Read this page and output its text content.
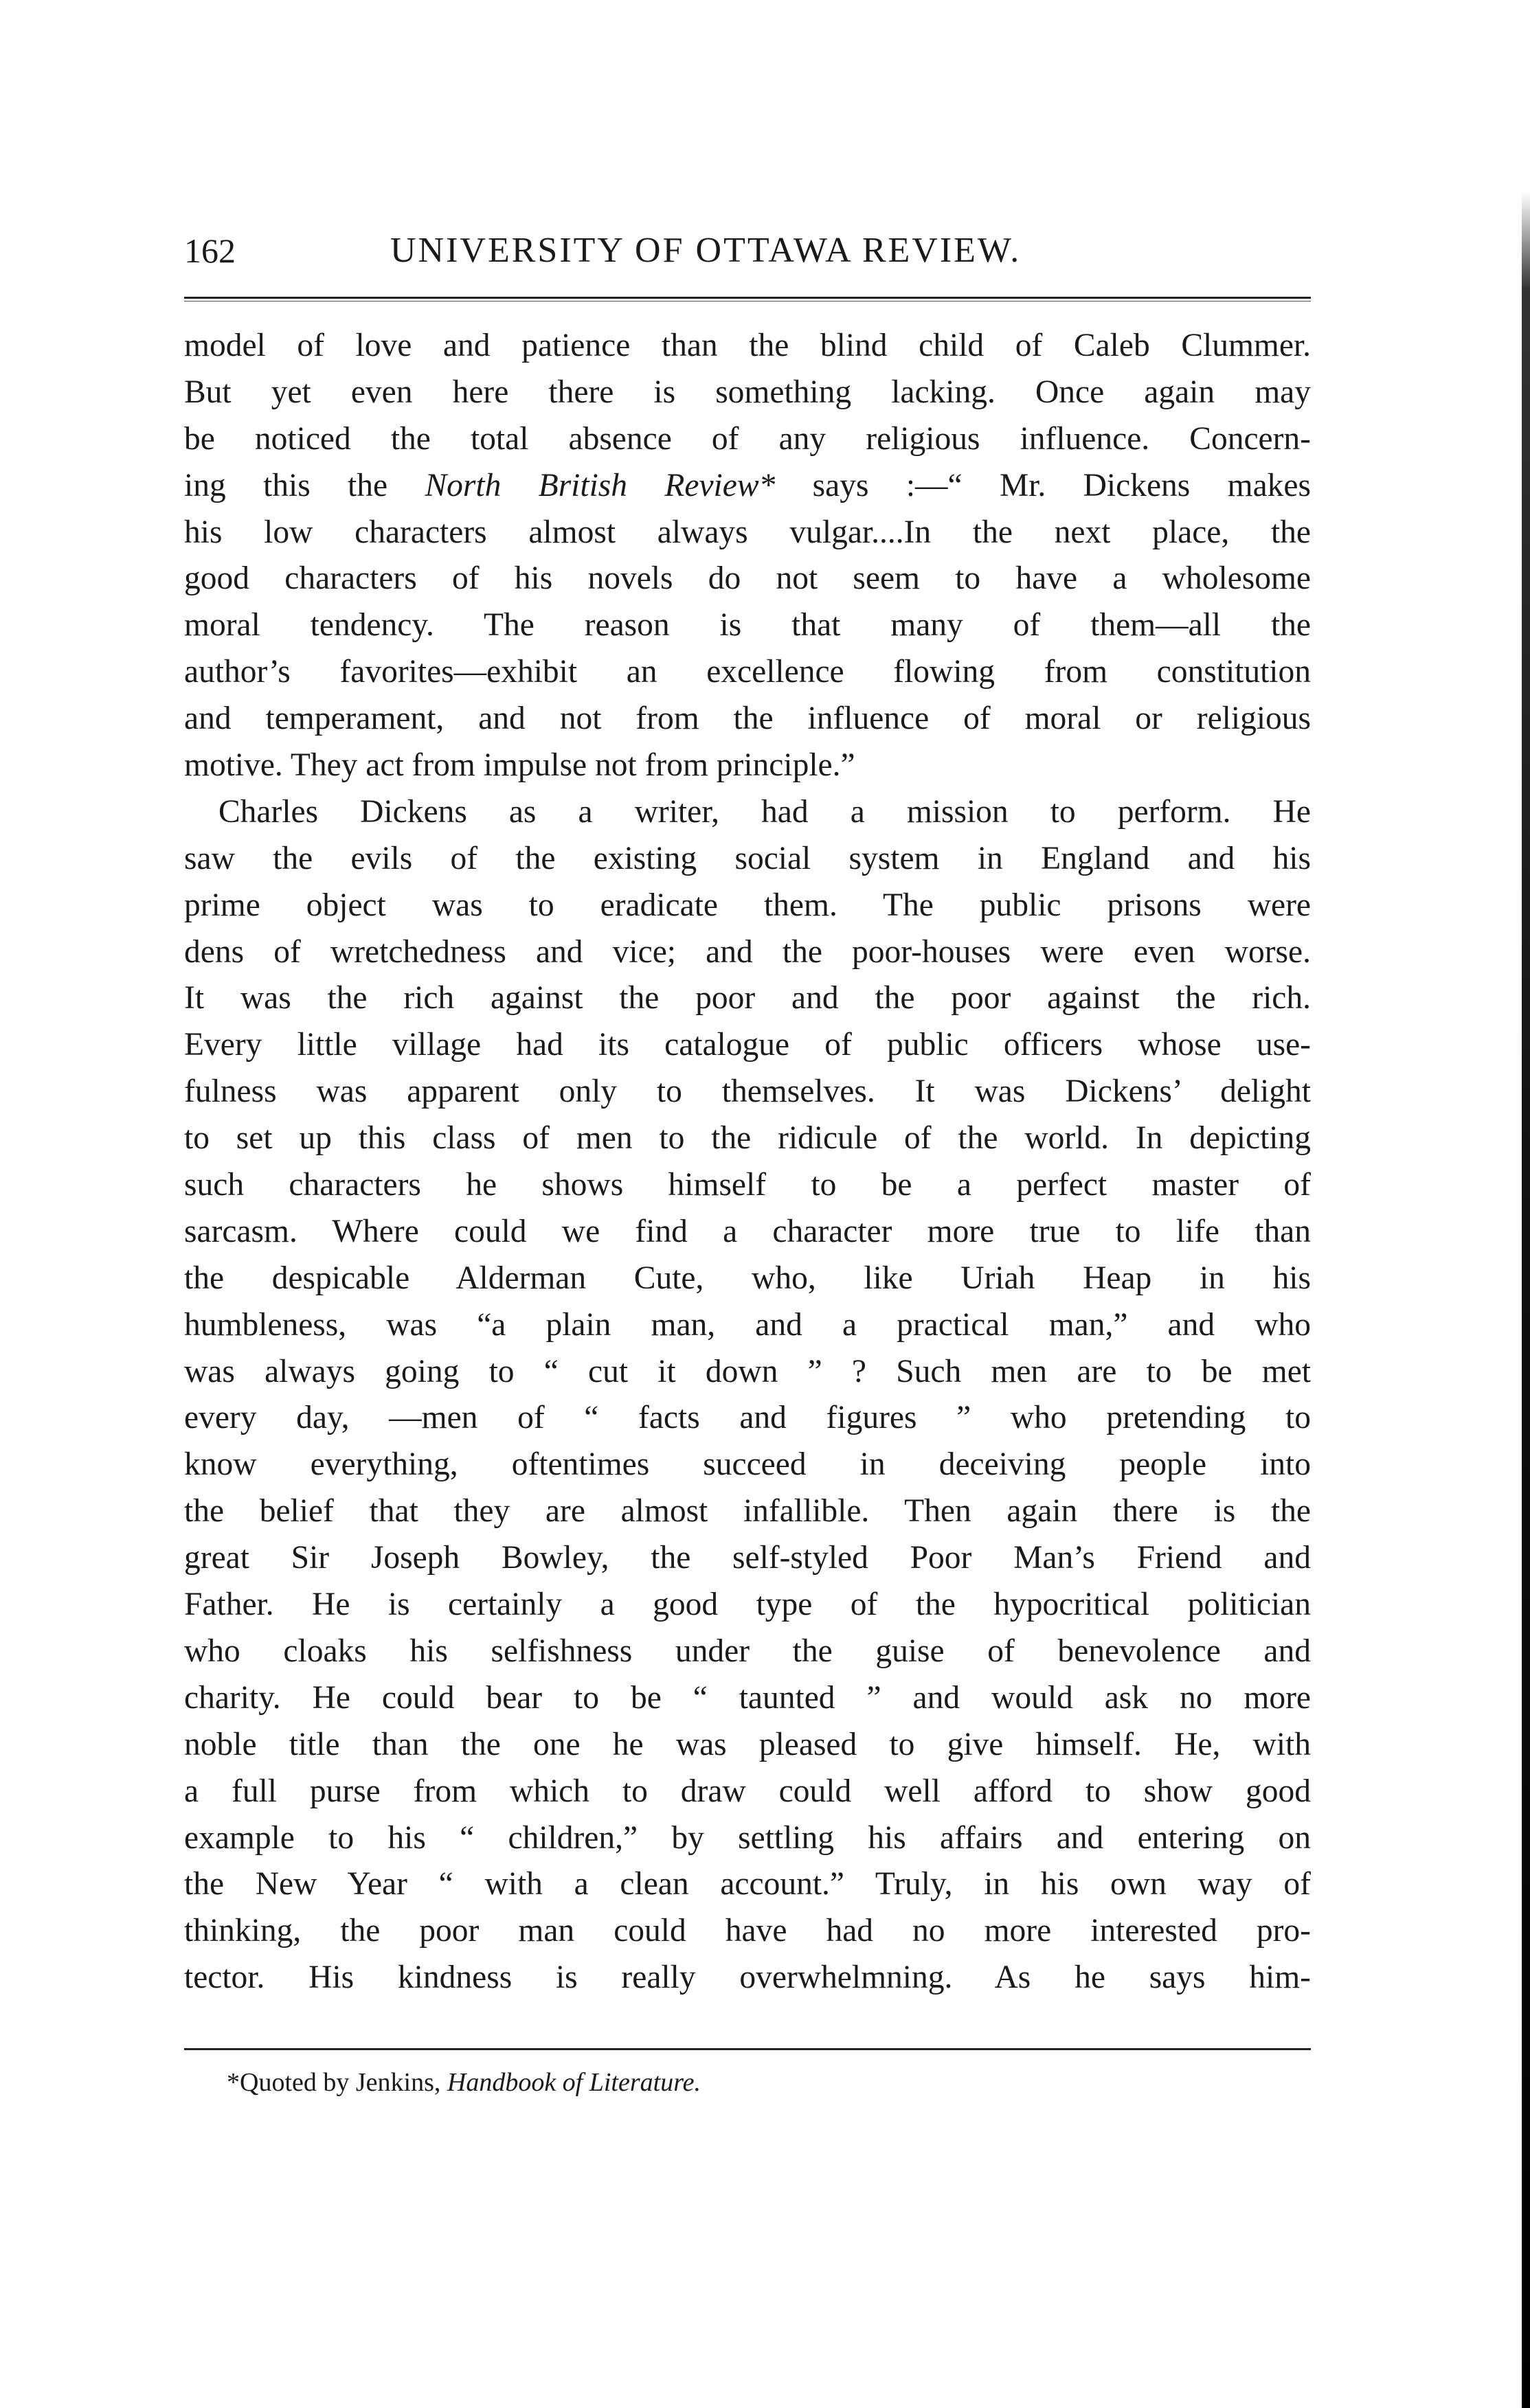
162	UNIVERSITY OF OTTAWA REVIEW.
model of love and patience than the blind child of Caleb Clummer.
But yet even here there is something lacking. Once again may
be noticed the total absence of any religious influence. Concern-
ing this the North British Review* says :—“ Mr. Dickens makes
his low characters almost always vulgar....In the next place, the
good characters of his novels do not seem to have a wholesome
moral tendency. The reason is that many of them—all the
author’s favorites—exhibit an excellence flowing from constitution
and temperament, and not from the influence of moral or religious
motive. They act from impulse not from principle.”
Charles Dickens as a writer, had a mission to perform. He
saw the evils of the existing social system in England and his
prime object was to eradicate them. The public prisons were
dens of wretchedness and vice; and the poor-houses were even worse.
It was the rich against the poor and the poor against the rich.
Every little village had its catalogue of public officers whose use-
fulness was apparent only to themselves. It was Dickens’ delight
to set up this class of men to the ridicule of the world. In depicting
such characters he shows himself to be a perfect master of
sarcasm. Where could we find a character more true to life than
the despicable Alderman Cute, who, like Uriah Heap in his
humbleness, was “a plain man, and a practical man,” and who
was always going to “ cut it down ” ? Such men are to be met
every day, —men of “ facts and figures ” who pretending to
know everything, oftentimes succeed in deceiving people into
the belief that they are almost infallible. Then again there is the
great Sir Joseph Bowley, the self-styled Poor Man’s Friend and
Father. He is certainly a good type of the hypocritical politician
who cloaks his selfishness under the guise of benevolence and
charity. He could bear to be “ taunted ” and would ask no more
noble title than the one he was pleased to give himself. He, with
a full purse from which to draw could well afford to show good
example to his “ children,” by settling his affairs and entering on
the New Year “ with a clean account.” Truly, in his own way of
thinking, the poor man could have had no more interested pro-
tector. His kindness is really overwhelmning. As he says him-
*Quoted by Jenkins, Handbook of Literature.
